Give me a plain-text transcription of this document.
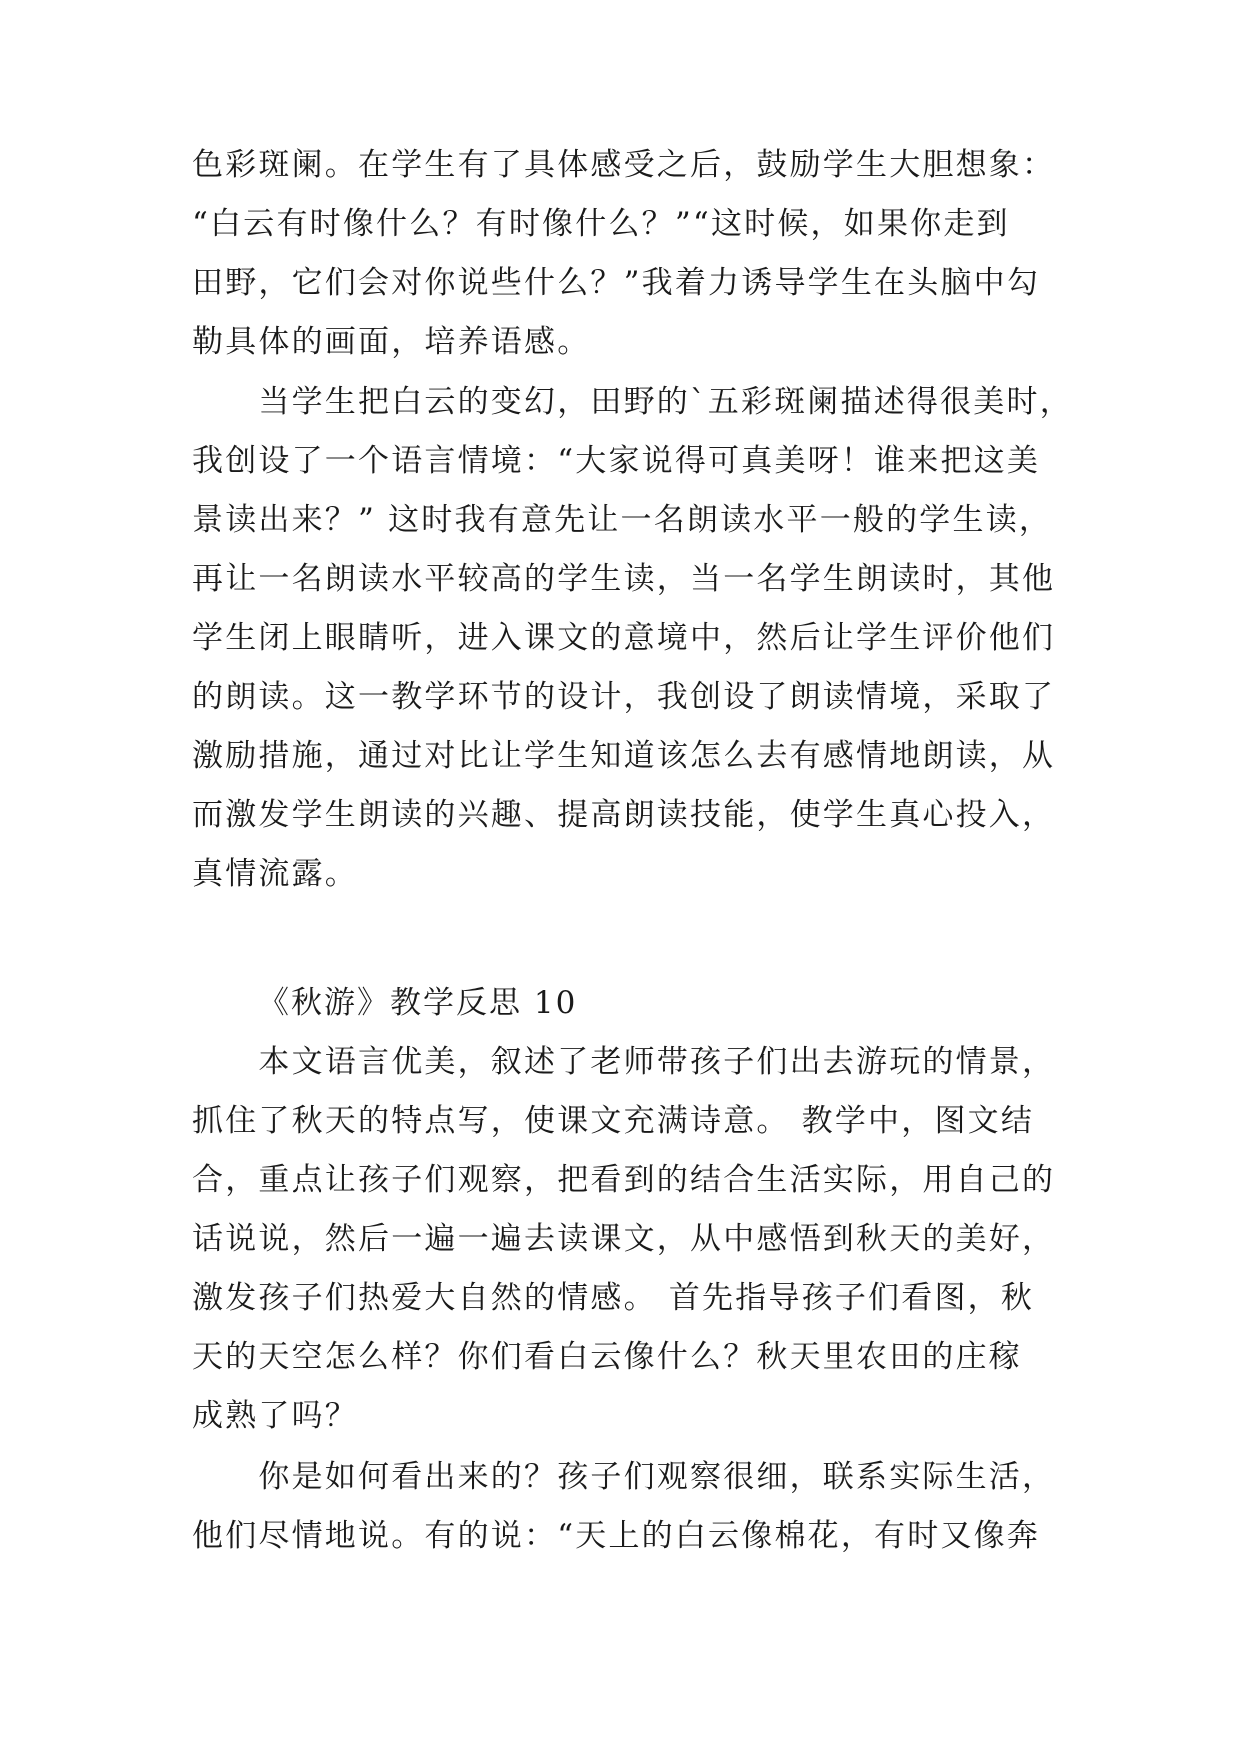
色彩斑阑。在学生有了具体感受之后，鼓励学生大胆想象：
“白云有时像什么？有时像什么？”“这时候，如果你走到
田野，它们会对你说些什么？”我着力诱导学生在头脑中勾
勒具体的画面，培养语感。
　　当学生把白云的变幻，田野的`五彩斑阑描述得很美时，
我创设了一个语言情境：“大家说得可真美呀！谁来把这美
景读出来？” 这时我有意先让一名朗读水平一般的学生读，
再让一名朗读水平较高的学生读，当一名学生朗读时，其他
学生闭上眼睛听，进入课文的意境中，然后让学生评价他们
的朗读。这一教学环节的设计，我创设了朗读情境，采取了
激励措施，通过对比让学生知道该怎么去有感情地朗读，从
而激发学生朗读的兴趣、提高朗读技能，使学生真心投入，
真情流露。
《秋游》教学反思 10
　　本文语言优美，叙述了老师带孩子们出去游玩的情景，
抓住了秋天的特点写，使课文充满诗意。 教学中，图文结
合，重点让孩子们观察，把看到的结合生活实际，用自己的
话说说，然后一遍一遍去读课文，从中感悟到秋天的美好，
激发孩子们热爱大自然的情感。 首先指导孩子们看图，秋
天的天空怎么样？你们看白云像什么？秋天里农田的庄稼
成熟了吗？
　　你是如何看出来的？孩子们观察很细，联系实际生活，
他们尽情地说。有的说：“天上的白云像棉花，有时又像奔
